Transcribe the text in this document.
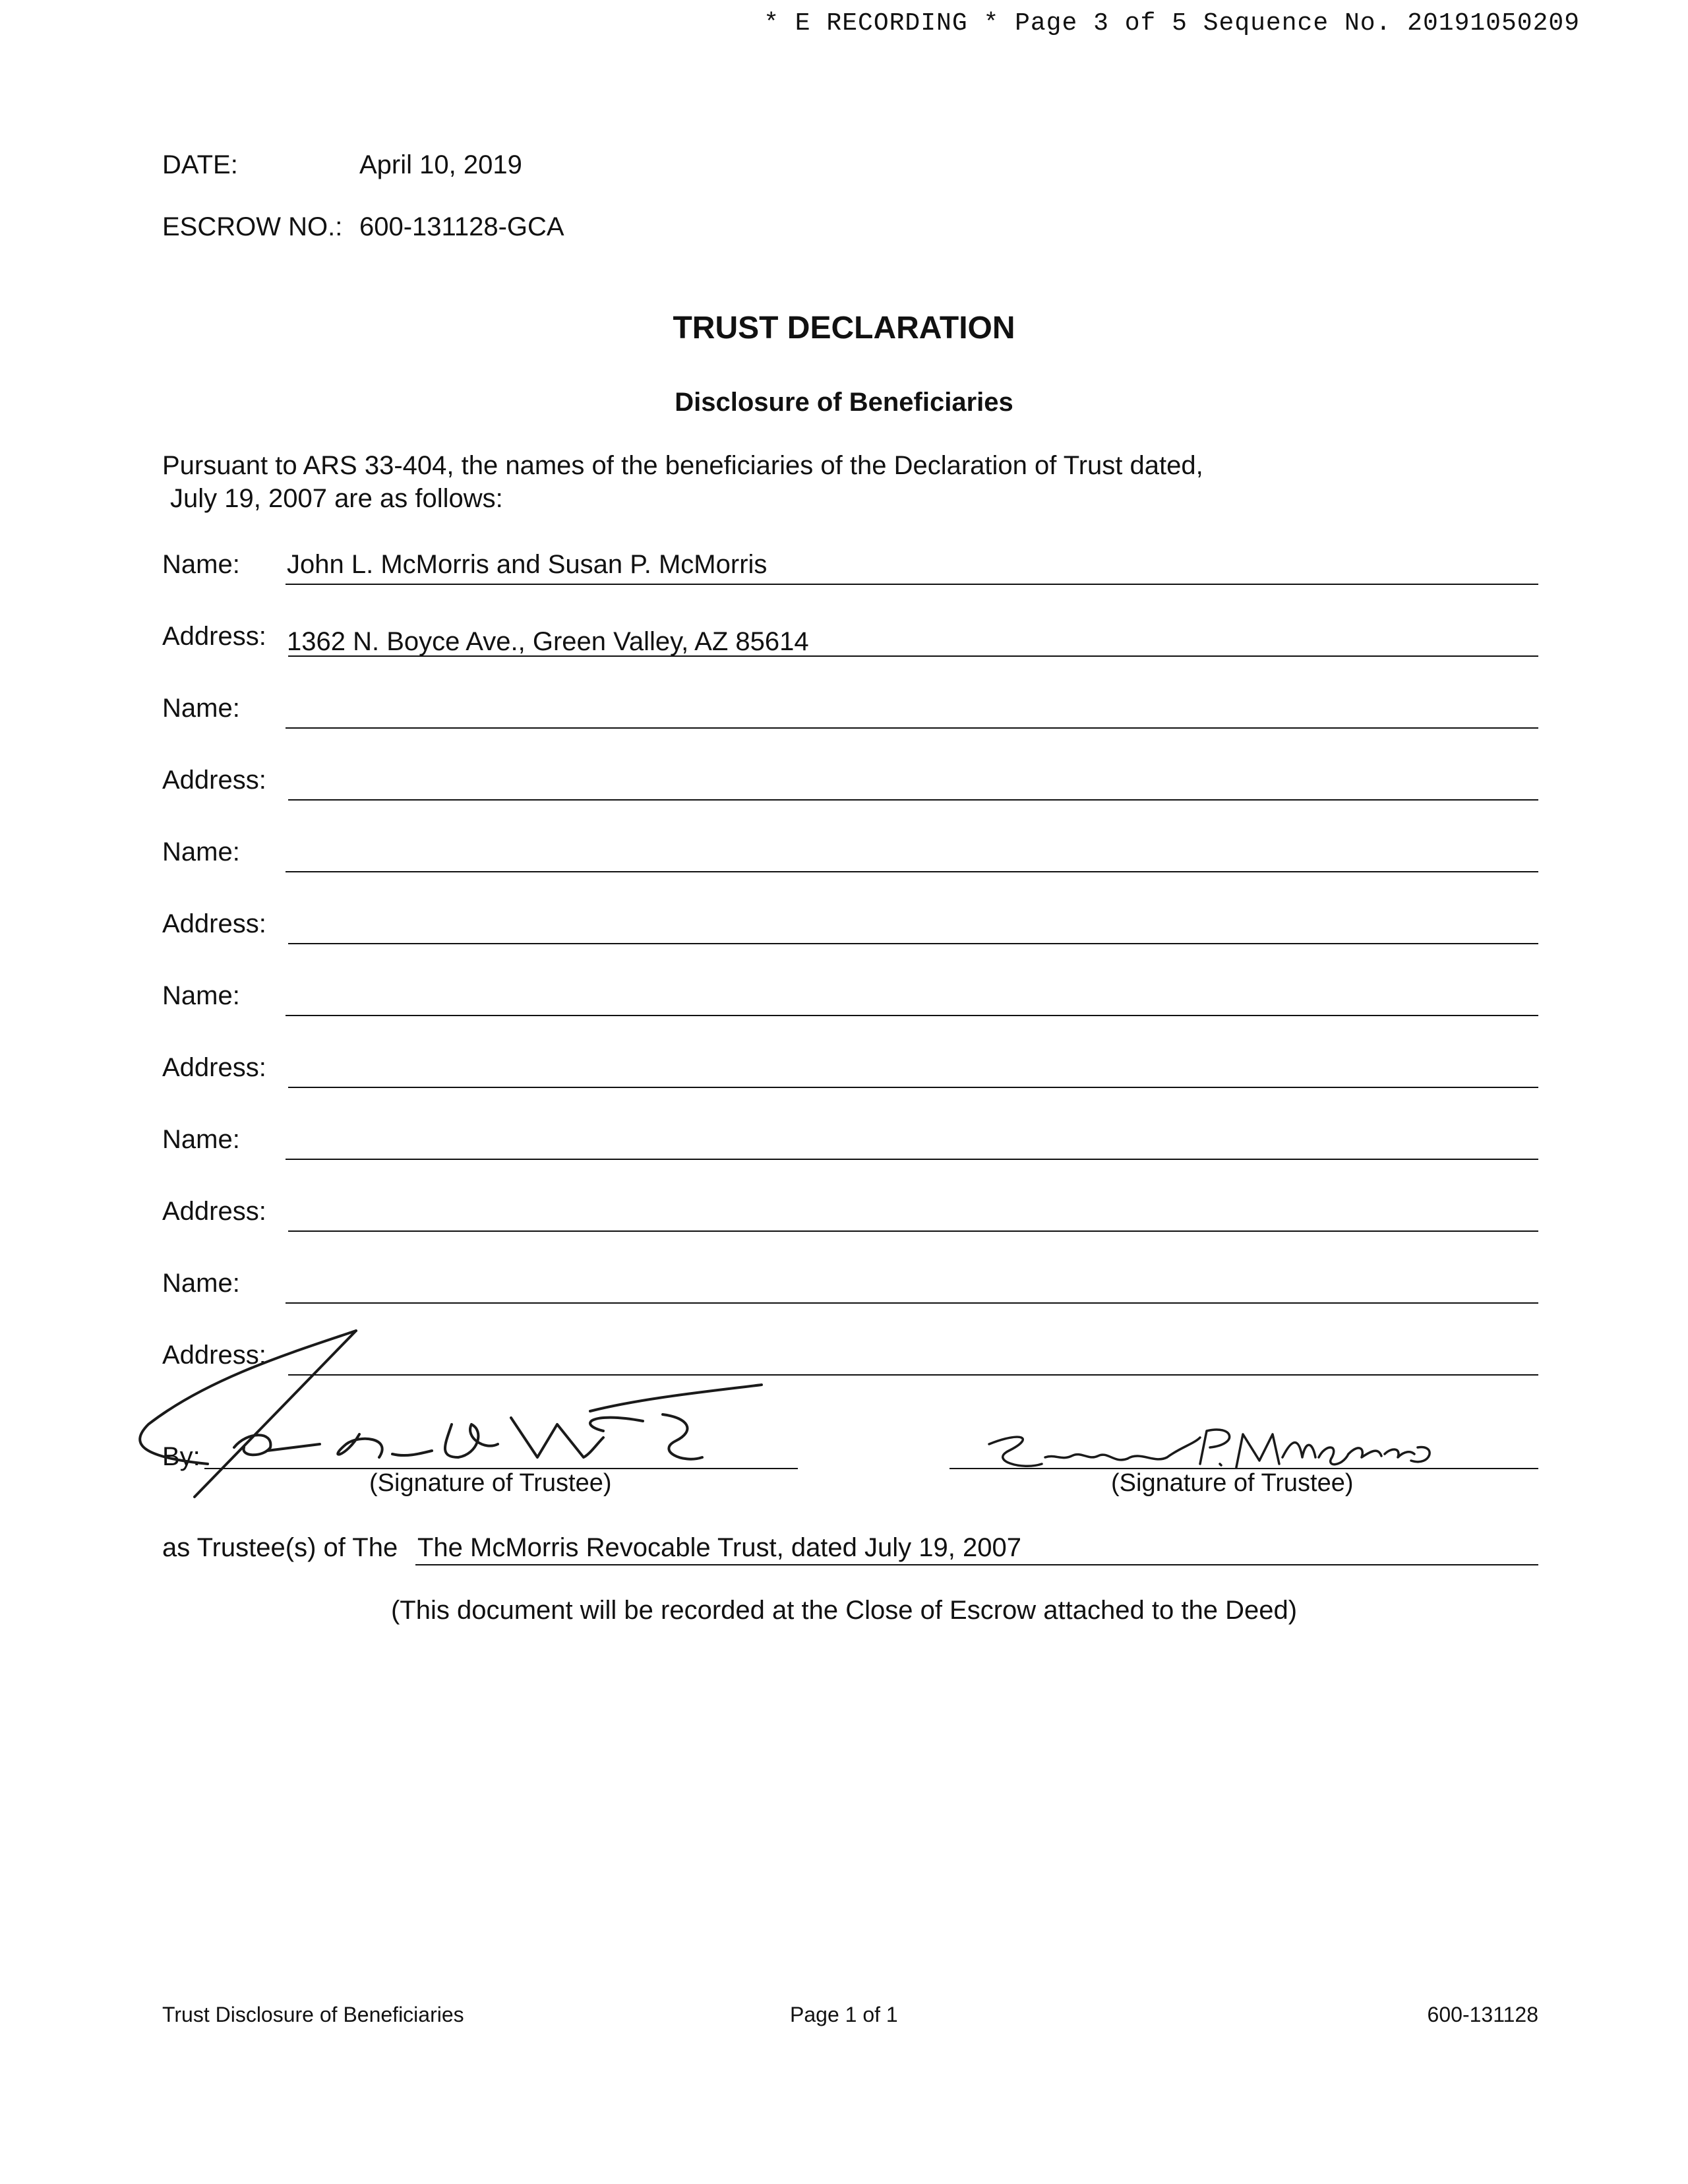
* E RECORDING * Page 3 of 5 Sequence No. 20191050209
DATE:	April 10, 2019
ESCROW NO.: 600-131128-GCA
TRUST DECLARATION
Disclosure of Beneficiaries
Pursuant to ARS 33-404, the names of the beneficiaries of the Declaration of Trust dated,
July 19, 2007 are as follows:
Name: John L. McMorris and Susan P. McMorris
Address: 1362 N. Boyce Ave., Green Valley, AZ 85614
Name:
Address:
Name:
Address:
Name:
Address:
Name:
Address:
Name:
Address:
By:
(Signature of Trustee)	(Signature of Trustee)
as Trustee(s) of The The McMorris Revocable Trust, dated July 19, 2007
(This document will be recorded at the Close of Escrow attached to the Deed)
Trust Disclosure of Beneficiaries	Page 1 of 1	600-131128
